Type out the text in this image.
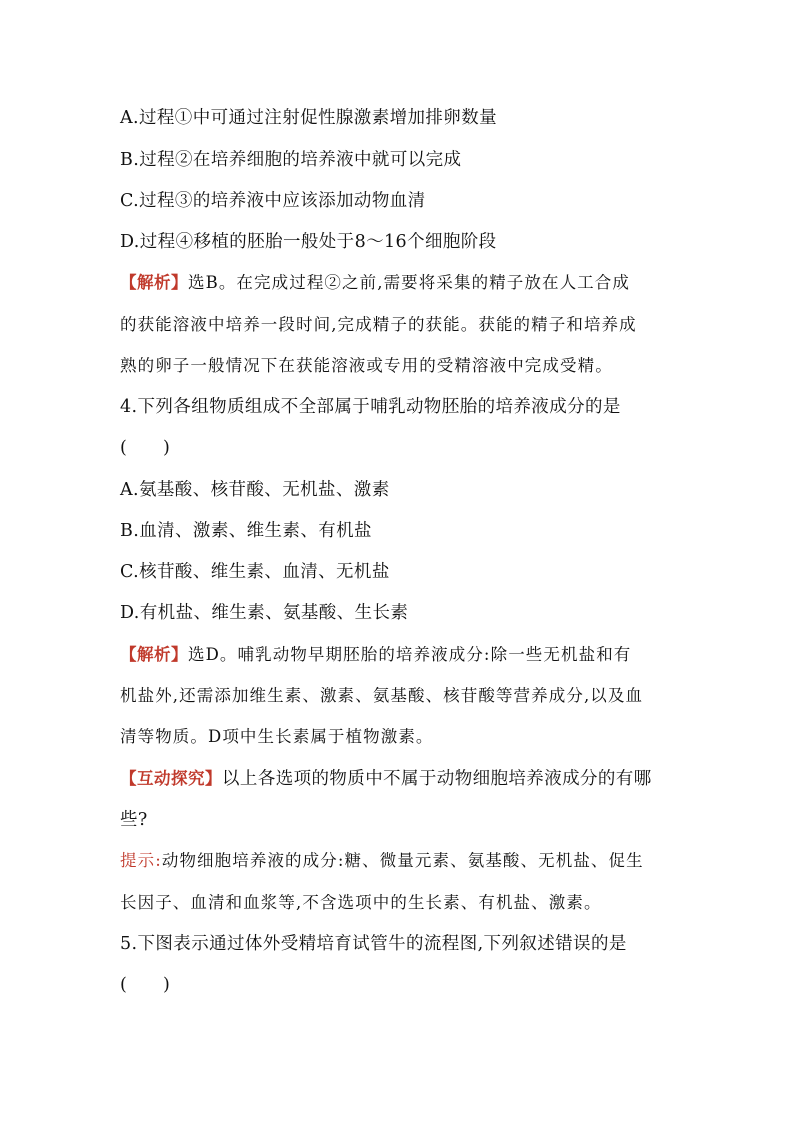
A.过程①中可通过注射促性腺激素增加排卵数量
B.过程②在培养细胞的培养液中就可以完成
C.过程③的培养液中应该添加动物血清
D.过程④移植的胚胎一般处于8～16个细胞阶段
【解析】选B。在完成过程②之前,需要将采集的精子放在人工合成
的获能溶液中培养一段时间,完成精子的获能。获能的精子和培养成
熟的卵子一般情况下在获能溶液或专用的受精溶液中完成受精。
4.下列各组物质组成不全部属于哺乳动物胚胎的培养液成分的是
(　　)
A.氨基酸、核苷酸、无机盐、激素
B.血清、激素、维生素、有机盐
C.核苷酸、维生素、血清、无机盐
D.有机盐、维生素、氨基酸、生长素
【解析】选D。哺乳动物早期胚胎的培养液成分:除一些无机盐和有
机盐外,还需添加维生素、激素、氨基酸、核苷酸等营养成分,以及血
清等物质。D项中生长素属于植物激素。
【互动探究】以上各选项的物质中不属于动物细胞培养液成分的有哪
些?
提示:动物细胞培养液的成分:糖、微量元素、氨基酸、无机盐、促生
长因子、血清和血浆等,不含选项中的生长素、有机盐、激素。
5.下图表示通过体外受精培育试管牛的流程图,下列叙述错误的是
(　　)
